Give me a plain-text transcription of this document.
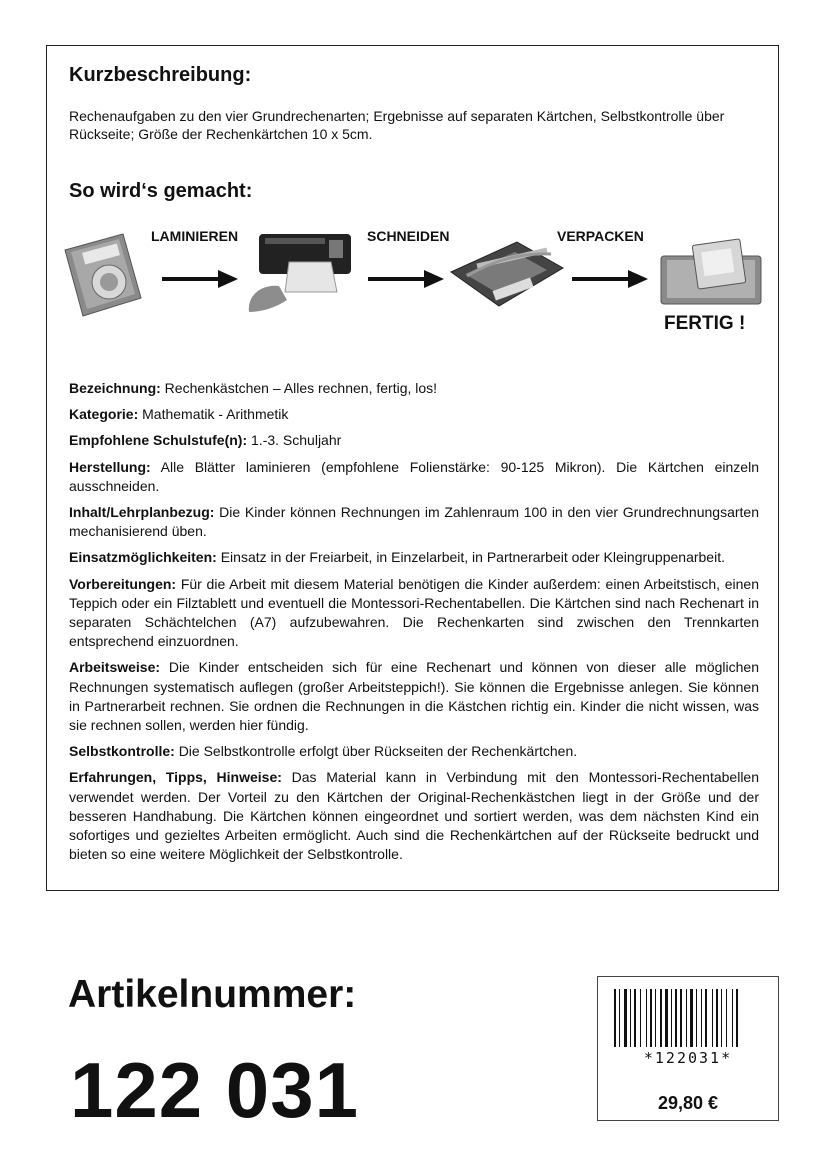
Kurzbeschreibung:

Rechenaufgaben zu den vier Grundrechenarten; Ergebnisse auf separaten Kärtchen, Selbstkontrolle über Rückseite; Größe der Rechenkärtchen 10 x 5cm.

So wird‘s gemacht:
LAMINIEREN	SCHNEIDEN	VERPACKEN
FERTIG !

Bezeichnung: Rechenkästchen – Alles rechnen, fertig, los!

Kategorie: Mathematik - Arithmetik

Empfohlene Schulstufe(n): 1.-3. Schuljahr

Herstellung: Alle Blätter laminieren (empfohlene Folienstärke: 90-125 Mikron). Die Kärtchen einzeln ausschneiden.

Inhalt/Lehrplanbezug: Die Kinder können Rechnungen im Zahlenraum 100 in den vier Grundrechnungsarten mechanisierend üben.

Einsatzmöglichkeiten: Einsatz in der Freiarbeit, in Einzelarbeit, in Partnerarbeit oder Kleingruppenarbeit.

Vorbereitungen: Für die Arbeit mit diesem Material benötigen die Kinder außerdem: einen Arbeitstisch, einen Teppich oder ein Filztablett und eventuell die Montessori-Rechentabellen. Die Kärtchen sind nach Rechenart in separaten Schächtelchen (A7) aufzubewahren. Die Rechenkarten sind zwischen den Trennkarten entsprechend einzuordnen.

Arbeitsweise: Die Kinder entscheiden sich für eine Rechenart und können von dieser alle möglichen Rechnungen systematisch auflegen (großer Arbeitsteppich!). Sie können die Ergebnisse anlegen. Sie können in Partnerarbeit rechnen. Sie ordnen die Rechnungen in die Kästchen richtig ein. Kinder die nicht wissen, was sie rechnen sollen, werden hier fündig.

Selbstkontrolle: Die Selbstkontrolle erfolgt über Rückseiten der Rechenkärtchen.

Erfahrungen, Tipps, Hinweise: Das Material kann in Verbindung mit den Montessori-Rechentabellen verwendet werden. Der Vorteil zu den Kärtchen der Original-Rechenkästchen liegt in der Größe und der besseren Handhabung. Die Kärtchen können eingeordnet und sortiert werden, was dem nächsten Kind ein sofortiges und gezieltes Arbeiten ermöglicht. Auch sind die Rechenkärtchen auf der Rückseite bedruckt und bieten so eine weitere Möglichkeit der Selbstkontrolle.

Artikelnummer:
122 031	*122031*
29,80 €
